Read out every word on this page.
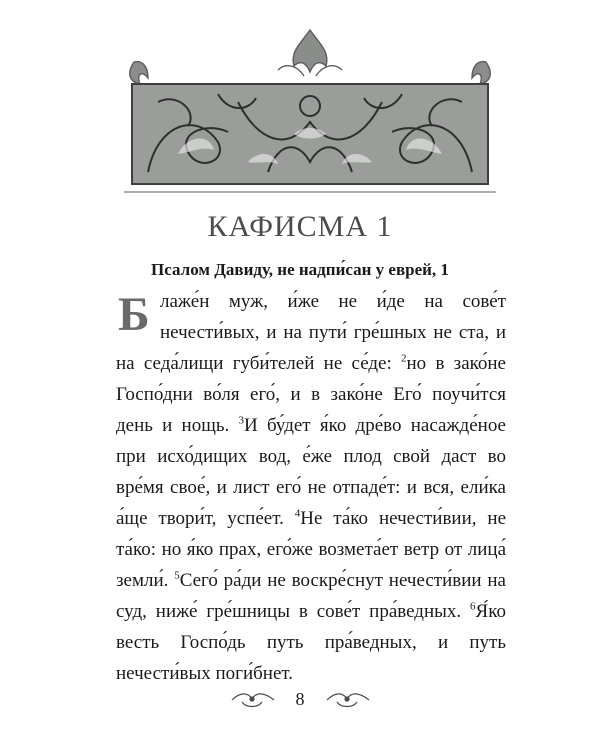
КАФИСМА 1
Псалом Давиду, не надпи́сан у еврей, 1
Б лаже́н муж, и́же не и́де на сове́т нечести́вых, и на пути́ гре́шных не ста, и на седа́лищи губи́телей не се́де: $^2$но в зако́не Госпо́дни во́ля его́, и в зако́не Его́ поучи́тся день и нощь. $^3$И бу́дет я́ко дре́во насажде́ное при исхо́дищих вод, е́же плод свой даст во вре́мя свое́, и лист его́ не отпаде́т: и вся, ели́ка а́ще твори́т, успе́ет. $^4$Не та́ко нечести́вии, не та́ко: но я́ко прах, его́же возмета́ет ветр от лица́ земли́. $^5$Сего́ ра́ди не воскре́снут нечести́вии на суд, ниже́ гре́шницы в сове́т пра́ведных. $^6$Я́ко весть Госпо́дь путь пра́ведных, и путь нечести́вых поги́бнет.
8
